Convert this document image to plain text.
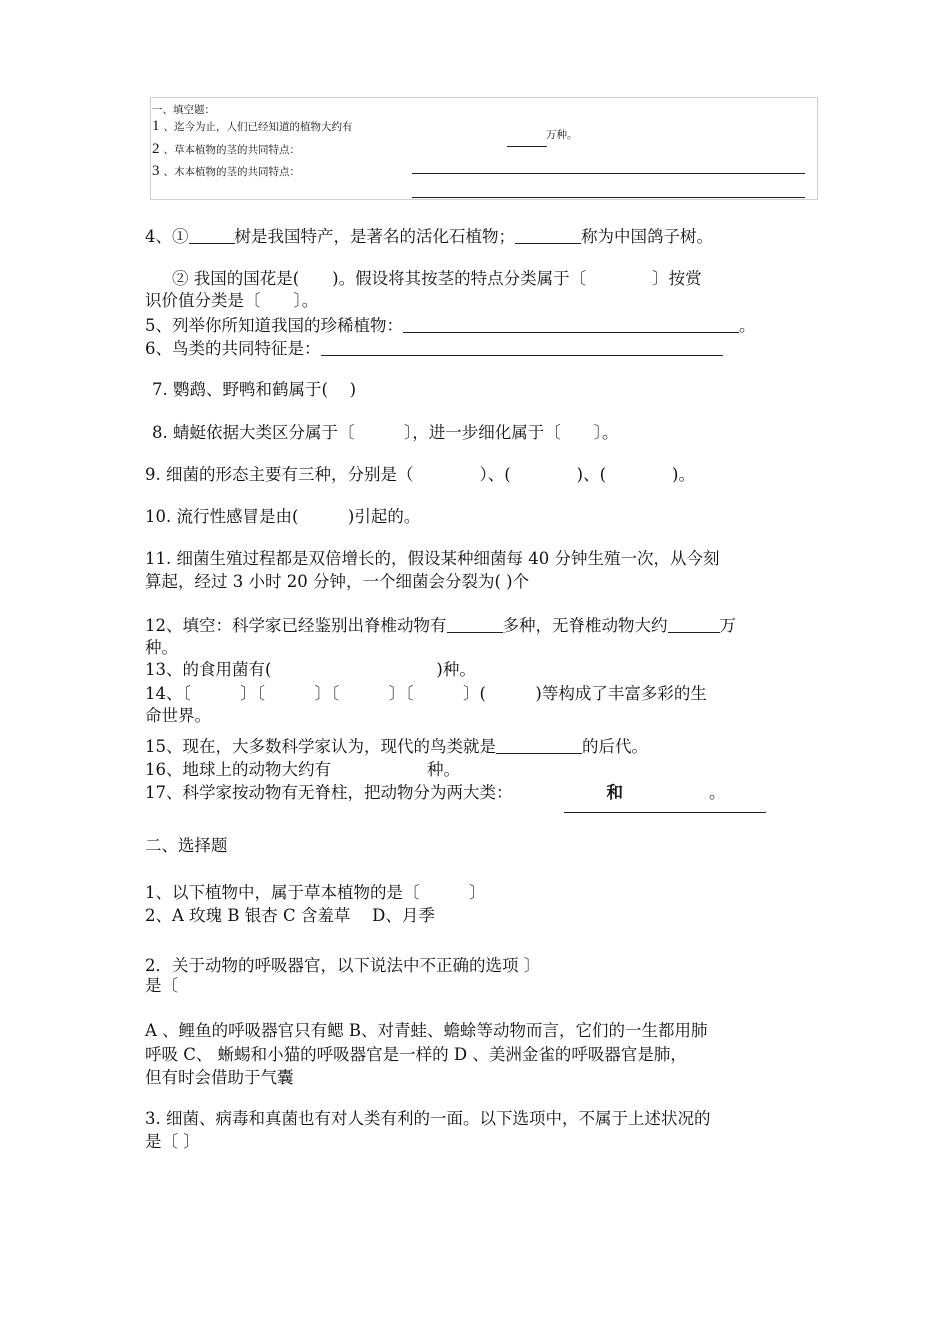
一、填空题：
1 、迄今为止，人们已经知道的植物大约有
万种。
2 、草本植物的茎的共同特点：
3 、木本植物的茎的共同特点：
4、①	树是我国特产，是著名的活化石植物；	称为中国鸽子树。
② 我国的国花是(　　)。假设将其按茎的特点分类属于〔　　　　〕按赏
识价值分类是〔　　〕。
5、列举你所知道我国的珍稀植物：	。
6、鸟类的共同特征是：
7. 鹦鹉、野鸭和鹤属于(　 )
8. 蜻蜓依据大类区分属于〔　　　〕，进一步细化属于〔　　〕。
9. 细菌的形态主要有三种，分别是（　　　　）、(　　　　)、(　　　　)。
10. 流行性感冒是由(　　　)引起的。
11. 细菌生殖过程都是双倍增长的，假设某种细菌每 40 分钟生殖一次，从今刻
算起，经过 3 小时 20 分钟，一个细菌会分裂为( )个
12、填空：科学家已经鉴别出脊椎动物有	多种，无脊椎动物大约	万
种。
13、的食用菌有(　　　　　　　　　　)种。
14、〔　　　〕〔　　　〕〔　　　〕〔　　　〕(　　　)等构成了丰富多彩的生
命世界。
15、现在，大多数科学家认为，现代的鸟类就是	的后代。
16、地球上的动物大约有	种。
17、科学家按动物有无脊柱，把动物分为两大类：	和	。
二、选择题
1、以下植物中，属于草本植物的是〔　　　〕
2、A 玫瑰 B 银杏 C 含羞草　 D、月季
2．关于动物的呼吸器官，以下说法中不正确的选项 〕
是〔
A 、鲤鱼的呼吸器官只有鳃 B、对青蛙、蟾蜍等动物而言，它们的一生都用肺
呼吸 C、 蜥蜴和小猫的呼吸器官是一样的 D 、美洲金雀的呼吸器官是肺，
但有时会借助于气囊
3. 细菌、病毒和真菌也有对人类有利的一面。以下选项中，不属于上述状况的
是〔 〕
